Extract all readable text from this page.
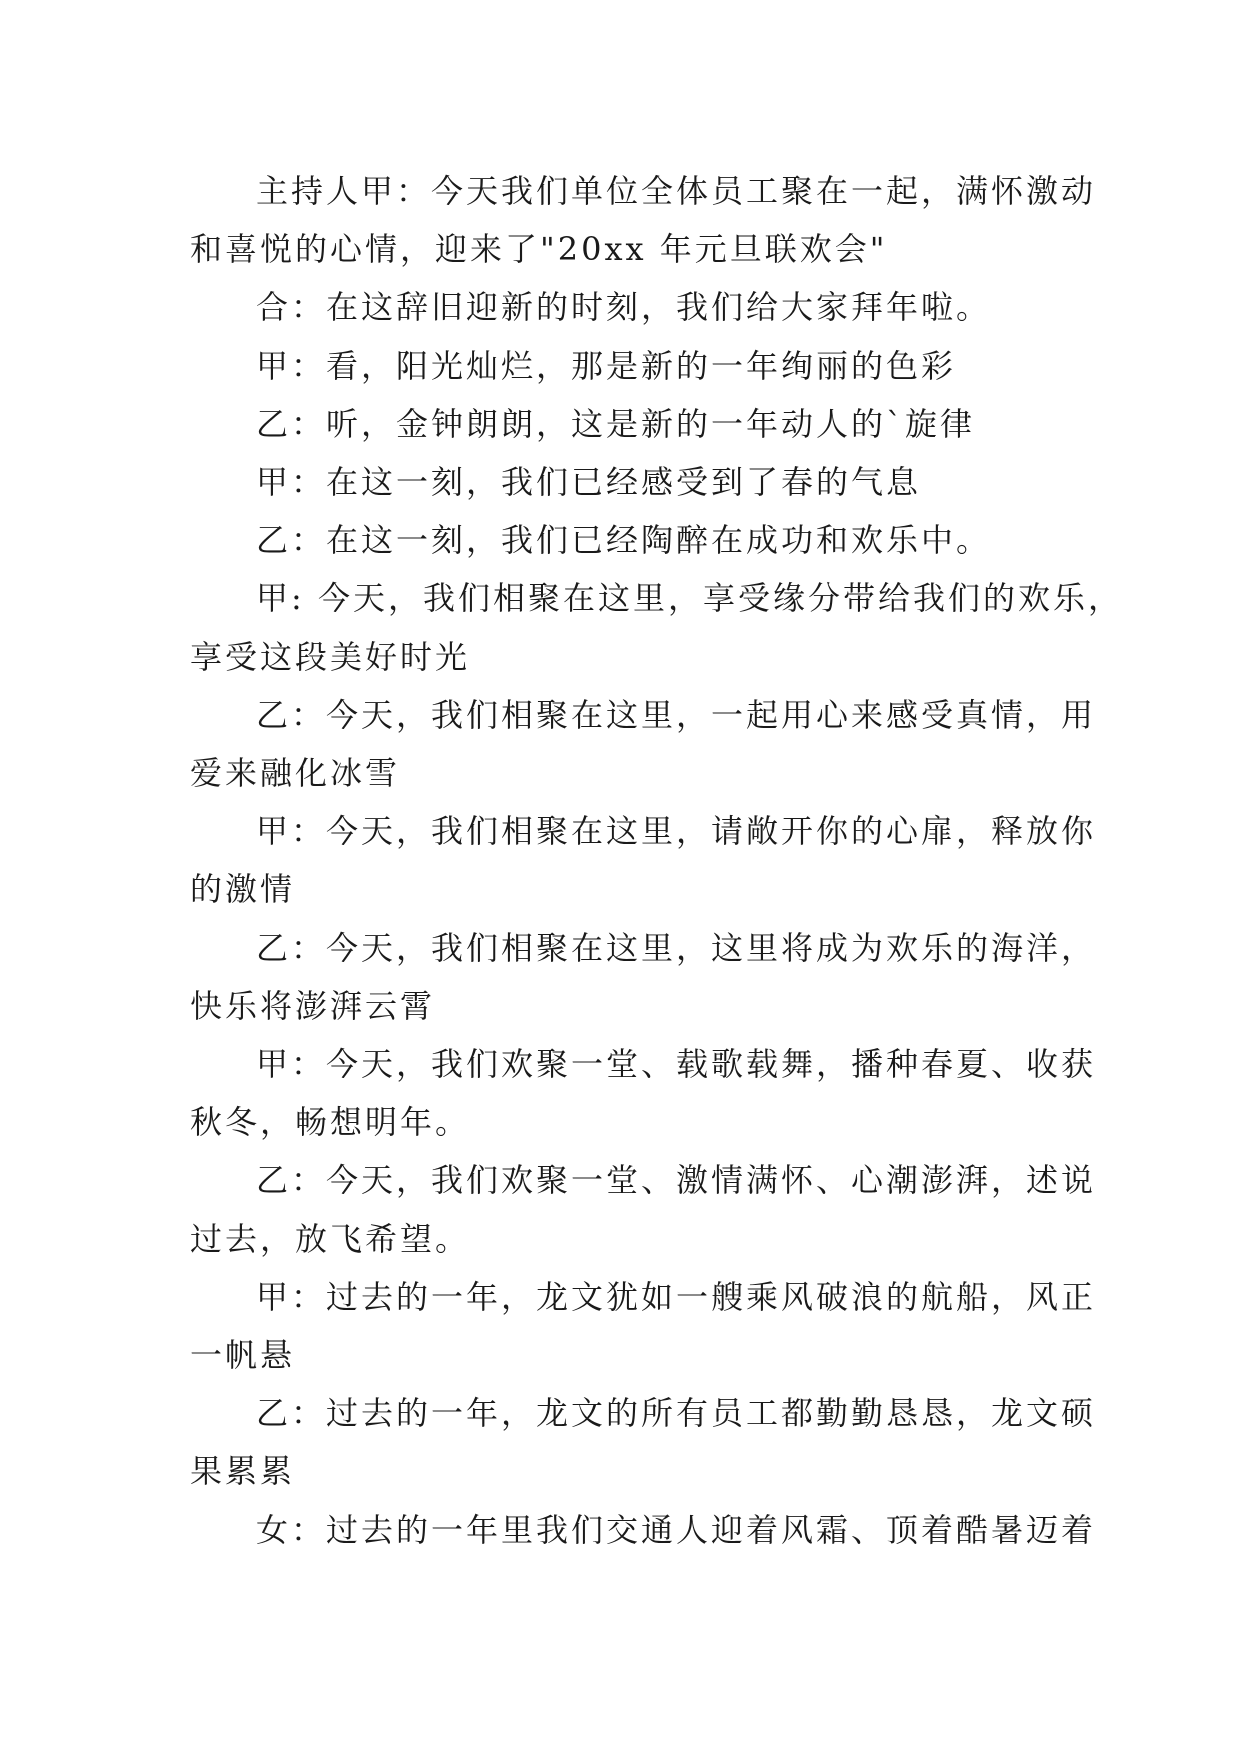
主持人甲：今天我们单位全体员工聚在一起，满怀激动
和喜悦的心情，迎来了"20xx 年元旦联欢会"

合：在这辞旧迎新的时刻，我们给大家拜年啦。

甲：看，阳光灿烂，那是新的一年绚丽的色彩

乙：听，金钟朗朗，这是新的一年动人的`旋律

甲：在这一刻，我们已经感受到了春的气息

乙：在这一刻，我们已经陶醉在成功和欢乐中。

甲: 今天，我们相聚在这里，享受缘分带给我们的欢乐，
享受这段美好时光

乙：今天，我们相聚在这里，一起用心来感受真情，用
爱来融化冰雪

甲：今天，我们相聚在这里，请敞开你的心扉，释放你
的激情

乙：今天，我们相聚在这里，这里将成为欢乐的海洋，
快乐将澎湃云霄

甲：今天，我们欢聚一堂、载歌载舞，播种春夏、收获
秋冬，畅想明年。

乙：今天，我们欢聚一堂、激情满怀、心潮澎湃，述说
过去，放飞希望。

甲：过去的一年，龙文犹如一艘乘风破浪的航船，风正
一帆悬

乙：过去的一年，龙文的所有员工都勤勤恳恳，龙文硕
果累累

女：过去的一年里我们交通人迎着风霜、顶着酷暑迈着
